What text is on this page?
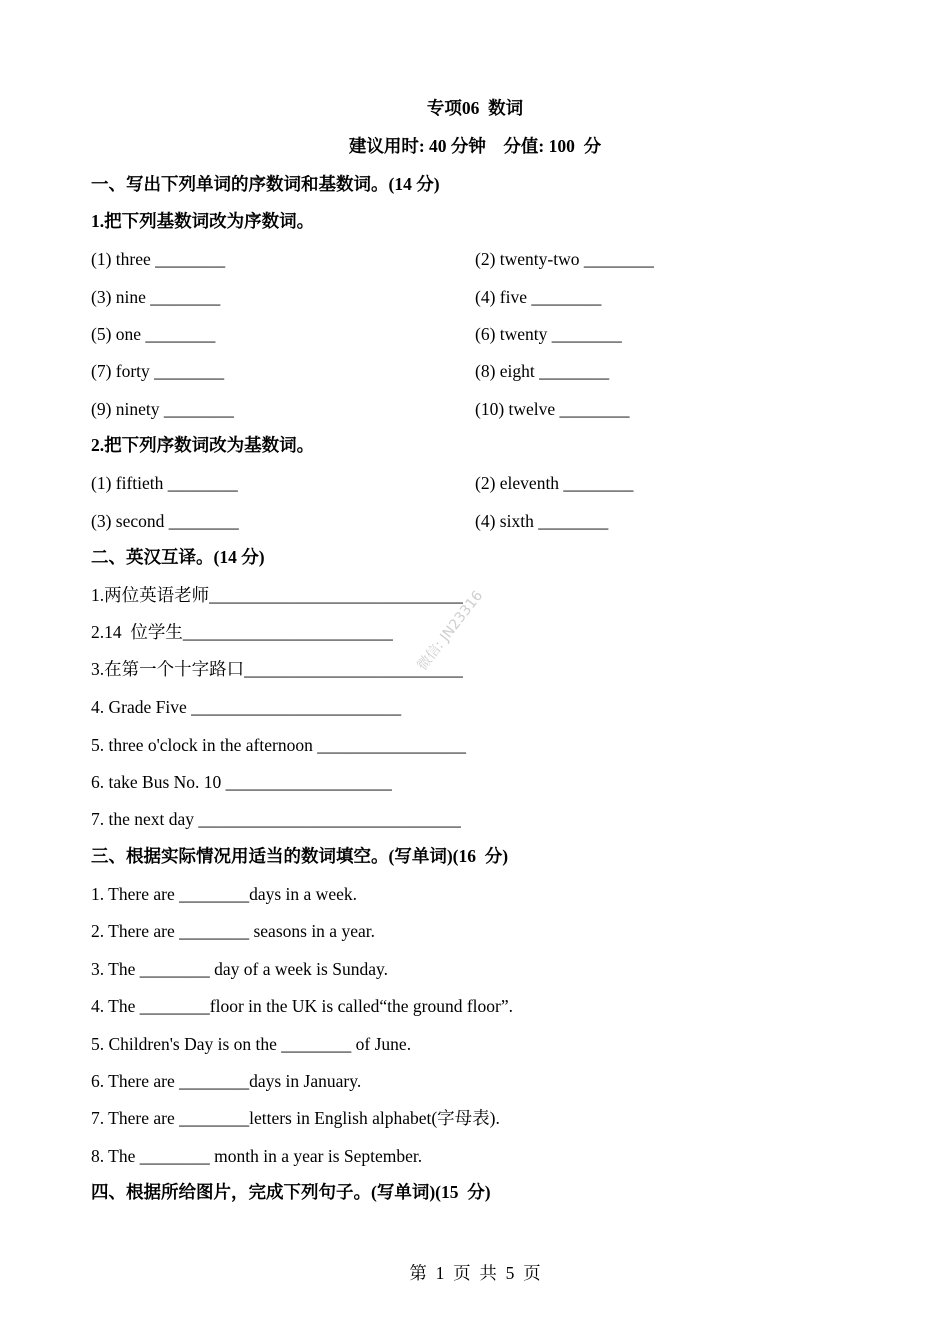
专项06  数词
建议用时: 40 分钟    分值: 100  分
一、写出下列单词的序数词和基数词。(14 分)
1.把下列基数词改为序数词。
(1) three ________	(2) twenty-two ________
(3) nine ________	(4) five ________
(5) one ________	(6) twenty ________
(7) forty ________	(8) eight ________
(9) ninety ________	(10) twelve ________
2.把下列序数词改为基数词。
(1) fiftieth ________	(2) eleventh ________
(3) second ________	(4) sixth ________
二、英汉互译。(14 分)
1.两位英语老师_____________________________
2.14  位学生________________________
3.在第一个十字路口_________________________
4. Grade Five ________________________
5. three o'clock in the afternoon _________________
6. take Bus No. 10 ___________________
7. the next day ______________________________
三、根据实际情况用适当的数词填空。(写单词)(16  分)
1. There are ________days in a week.
2. There are ________ seasons in a year.
3. The ________ day of a week is Sunday.
4. The ________floor in the UK is called“the ground floor”.
5. Children's Day is on the ________ of June.
6. There are ________days in January.
7. There are ________letters in English alphabet(字母表).
8. The ________ month in a year is September.
四、根据所给图片，完成下列句子。(写单词)(15  分)
微信: JN23316
第  1  页  共  5  页
